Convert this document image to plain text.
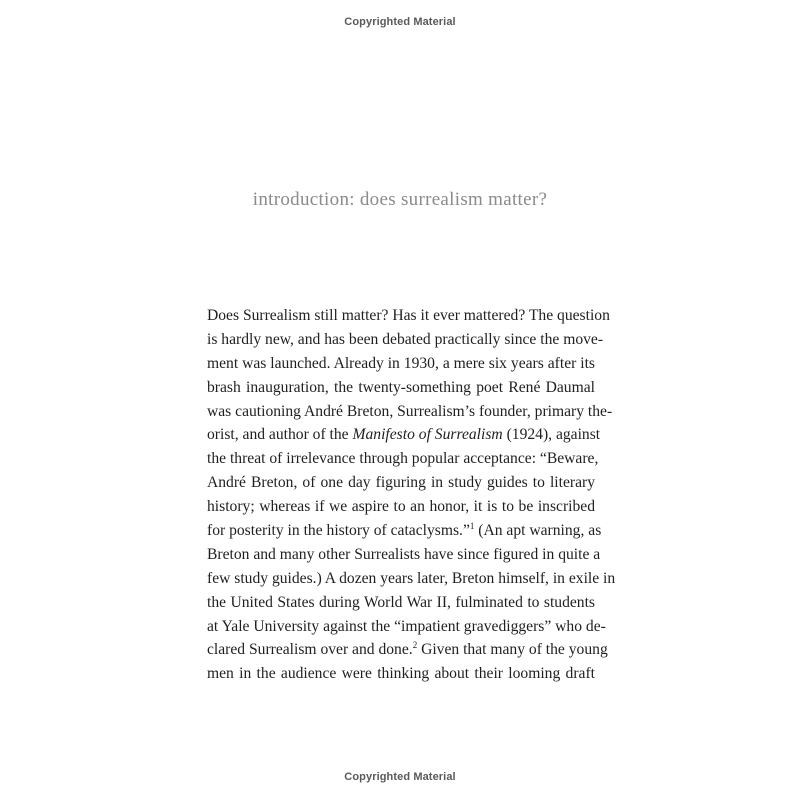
Copyrighted Material
introduction: does surrealism matter?
Does Surrealism still matter? Has it ever mattered? The question
is hardly new, and has been debated practically since the move-
ment was launched. Already in 1930, a mere six years after its
brash inauguration, the twenty-something poet René Daumal
was cautioning André Breton, Surrealism’s founder, primary the-
orist, and author of the Manifesto of Surrealism (1924), against
the threat of irrelevance through popular acceptance: “Beware,
André Breton, of one day figuring in study guides to literary
history; whereas if we aspire to an honor, it is to be inscribed
for posterity in the history of cataclysms.”$^1$ (An apt warning, as
Breton and many other Surrealists have since figured in quite a
few study guides.) A dozen years later, Breton himself, in exile in
the United States during World War II, fulminated to students
at Yale University against the “impatient gravediggers” who de-
clared Surrealism over and done.$^2$ Given that many of the young
men in the audience were thinking about their looming draft
Copyrighted Material
